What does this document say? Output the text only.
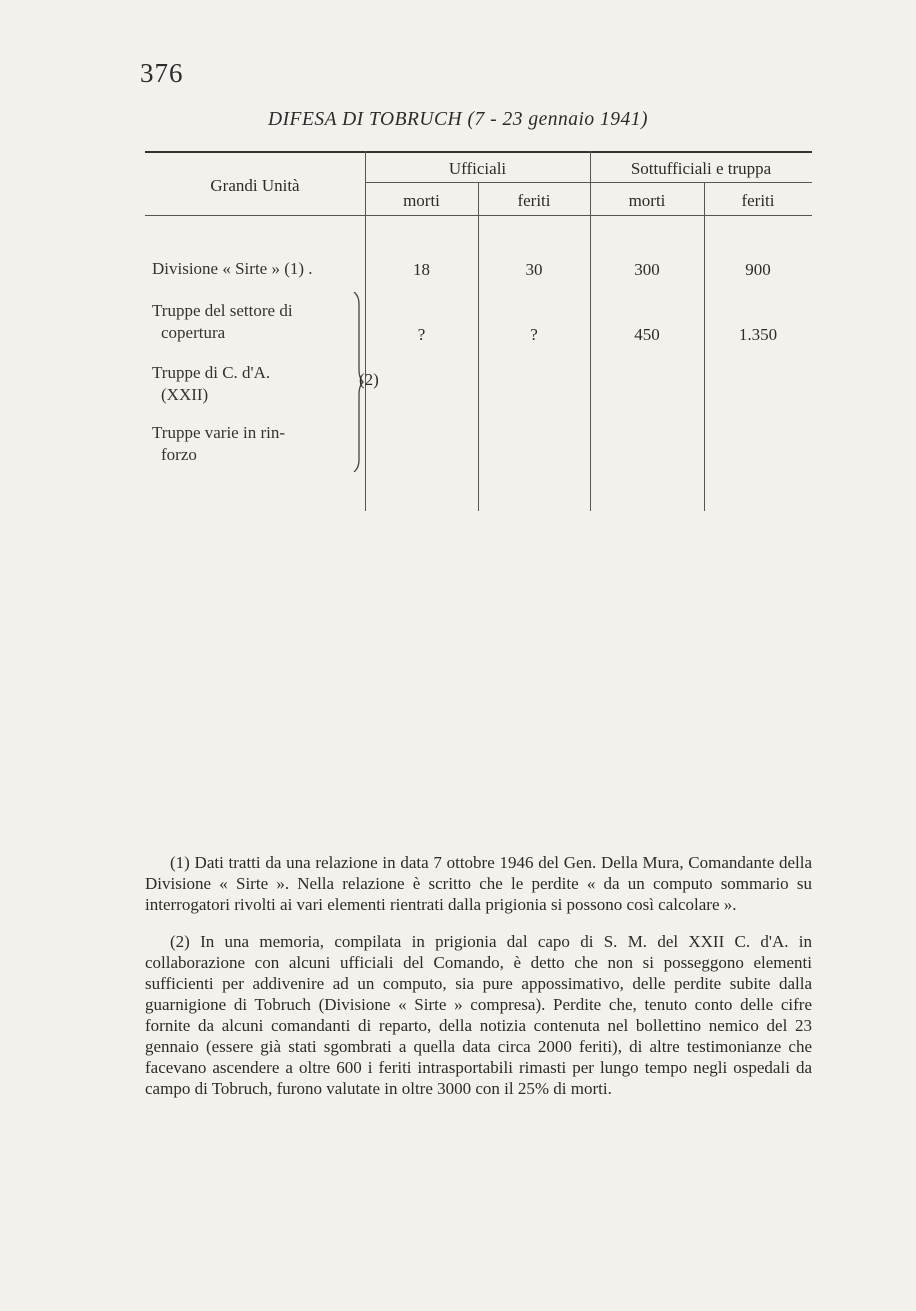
376
DIFESA DI TOBRUCH (7 - 23 gennaio 1941)
Grandi Unità
Ufficiali	Sottufficiali e truppa
morti	feriti	morti	feriti
Divisione « Sirte » (1) .	18	30	300	900
Truppe del settore di
copertura	?	?	450	1.350
Truppe di C. d'A.
(XXII)
Truppe varie in rin-
forzo
(2)

(1) Dati tratti da una relazione in data 7 ottobre 1946 del Gen. Della Mura, Comandante della Divisione « Sirte ». Nella relazione è scritto che le perdite « da un computo sommario su interrogatori rivolti ai vari elementi rientrati dalla prigionia si possono così calcolare ».

(2) In una memoria, compilata in prigionia dal capo di S. M. del XXII C. d'A. in collaborazione con alcuni ufficiali del Comando, è detto che non si posseggono elementi sufficienti per addivenire ad un computo, sia pure appossimativo, delle perdite subite dalla guarnigione di Tobruch (Divisione « Sirte » compresa). Perdite che, tenuto conto delle cifre fornite da alcuni comandanti di reparto, della notizia contenuta nel bollettino nemico del 23 gennaio (essere già stati sgombrati a quella data circa 2000 feriti), di altre testimonianze che facevano ascendere a oltre 600 i feriti intrasportabili rimasti per lungo tempo negli ospedali da campo di Tobruch, furono valutate in oltre 3000 con il 25% di morti.
